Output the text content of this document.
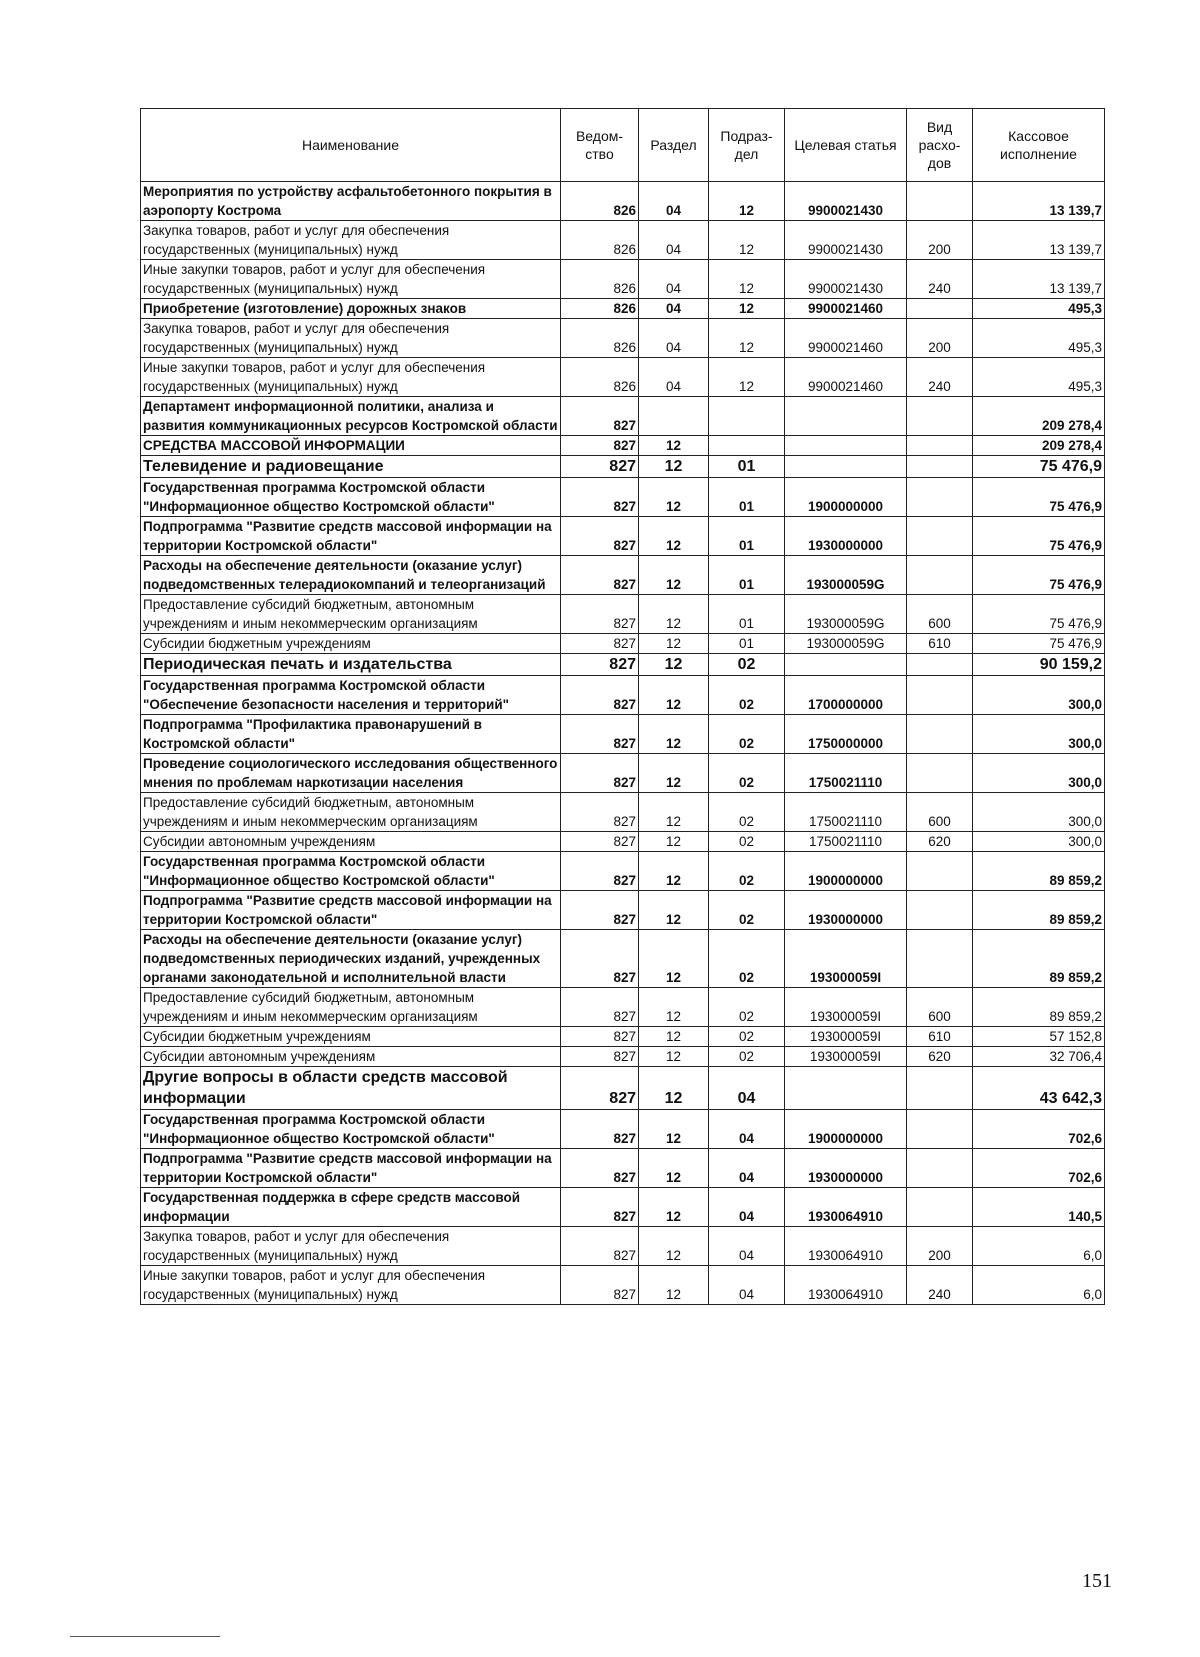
Наименование	Ведом-ство	Раздел	Подраз-дел	Целевая статья	Вид расхо-дов	Кассовое исполнение
Мероприятия по устройству асфальтобетонного покрытия в аэропорту Кострома	826	04	12	9900021430		13 139,7
Закупка товаров, работ и услуг для обеспечения государственных (муниципальных) нужд	826	04	12	9900021430	200	13 139,7
Иные закупки товаров, работ и услуг для обеспечения государственных (муниципальных) нужд	826	04	12	9900021430	240	13 139,7
Приобретение (изготовление) дорожных знаков	826	04	12	9900021460		495,3
Закупка товаров, работ и услуг для обеспечения государственных (муниципальных) нужд	826	04	12	9900021460	200	495,3
Иные закупки товаров, работ и услуг для обеспечения государственных (муниципальных) нужд	826	04	12	9900021460	240	495,3
Департамент информационной политики, анализа и развития коммуникационных ресурсов Костромской области	827					209 278,4
СРЕДСТВА МАССОВОЙ ИНФОРМАЦИИ	827	12				209 278,4
Телевидение и радиовещание	827	12	01			75 476,9
Государственная программа Костромской области "Информационное общество Костромской области"	827	12	01	1900000000		75 476,9
Подпрограмма "Развитие средств массовой информации на территории Костромской области"	827	12	01	1930000000		75 476,9
Расходы на обеспечение деятельности (оказание услуг) подведомственных телерадиокомпаний и телеорганизаций	827	12	01	193000059G		75 476,9
Предоставление субсидий бюджетным, автономным учреждениям и иным некоммерческим организациям	827	12	01	193000059G	600	75 476,9
Субсидии бюджетным учреждениям	827	12	01	193000059G	610	75 476,9
Периодическая печать и издательства	827	12	02			90 159,2
Государственная программа Костромской области "Обеспечение безопасности населения и территорий"	827	12	02	1700000000		300,0
Подпрограмма "Профилактика правонарушений в Костромской области"	827	12	02	1750000000		300,0
Проведение социологического исследования общественного мнения по проблемам наркотизации населения	827	12	02	1750021110		300,0
Предоставление субсидий бюджетным, автономным учреждениям и иным некоммерческим организациям	827	12	02	1750021110	600	300,0
Субсидии автономным учреждениям	827	12	02	1750021110	620	300,0
Государственная программа Костромской области "Информационное общество Костромской области"	827	12	02	1900000000		89 859,2
Подпрограмма "Развитие средств массовой информации на территории Костромской области"	827	12	02	1930000000		89 859,2
Расходы на обеспечение деятельности (оказание услуг) подведомственных периодических изданий, учрежденных органами законодательной и исполнительной власти	827	12	02	193000059I		89 859,2
Предоставление субсидий бюджетным, автономным учреждениям и иным некоммерческим организациям	827	12	02	193000059I	600	89 859,2
Субсидии бюджетным учреждениям	827	12	02	193000059I	610	57 152,8
Субсидии автономным учреждениям	827	12	02	193000059I	620	32 706,4
Другие вопросы в области средств массовой информации	827	12	04			43 642,3
Государственная программа Костромской области "Информационное общество Костромской области"	827	12	04	1900000000		702,6
Подпрограмма "Развитие средств массовой информации на территории Костромской области"	827	12	04	1930000000		702,6
Государственная поддержка в сфере средств массовой информации	827	12	04	1930064910		140,5
Закупка товаров, работ и услуг для обеспечения государственных (муниципальных) нужд	827	12	04	1930064910	200	6,0
Иные закупки товаров, работ и услуг для обеспечения государственных (муниципальных) нужд	827	12	04	1930064910	240	6,0
151
